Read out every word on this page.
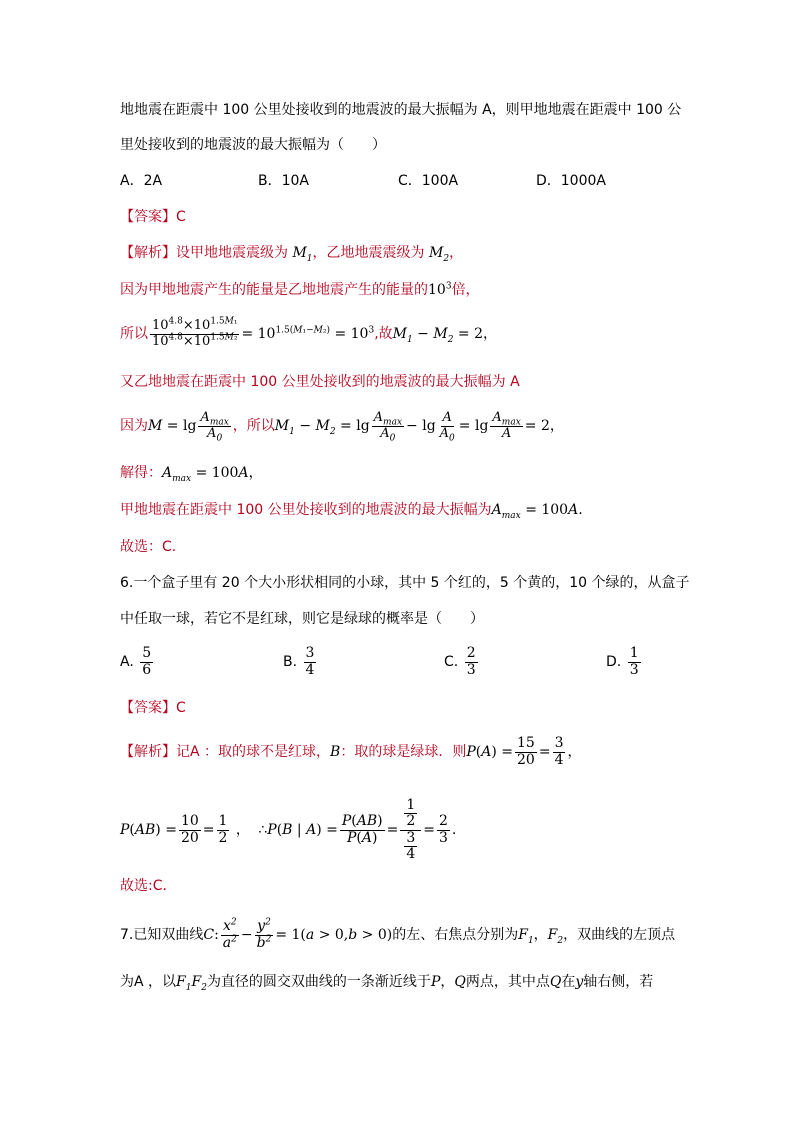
地地震在距震中 100 公里处接收到的地震波的最大振幅为 A，则甲地地震在距震中 100 公
里处接收到的地震波的最大振幅为（　　）
A．2A	B．10A	C．100A	D．1000A
【答案】C
【解析】设甲地地震震级为 $M_1$，乙地地震震级为 $M_2$，
因为甲地地震产生的能量是乙地地震产生的能量的$10^3$倍，
所以 $\frac{10^{4.8}\times 10^{1.5M_1}}{10^{4.8}\times 10^{1.5M_2}} = 10^{1.5(M_1-M_2)} = 10^3$,故$M_1 - M_2 = 2$，
又乙地地震在距震中 100 公里处接收到的地震波的最大振幅为 A
因为$M = \lg \frac{A_{max}}{A_0}$ ，所以$M_1 - M_2 = \lg \frac{A_{max}}{A_0} - \lg \frac{A}{A_0} = \lg \frac{A_{max}}{A} = 2$，
解得：$A_{max} = 100A$，
甲地地震在距震中 100 公里处接收到的地震波的最大振幅为$A_{max} = 100A$.
故选：C.
6.一个盒子里有 20 个大小形状相同的小球，其中 5 个红的，5 个黄的，10 个绿的，从盒子
中任取一球，若它不是红球，则它是绿球的概率是（　　）
A. $\frac{5}{6}$	B. $\frac{3}{4}$	C. $\frac{2}{3}$	D. $\frac{1}{3}$
【答案】C
【解析】记A ：取的球不是红球，B：取的球是绿球．则$P(A) = \frac{15}{20} = \frac{3}{4}$ ，
$P(AB) = \frac{10}{20} = \frac{1}{2}$ ， ∴P(B | $A) = \frac{P(AB)}{P(A)} = \frac{\frac{1}{2}}{\frac{3}{4}} = \frac{2}{3}$ .
故选:C．
7.已知双曲线C: $\frac{x^2}{a^2} - \frac{y^2}{b^2} = 1(a > 0,b > 0)$的左、右焦点分别为$F_1$，$F_2$，双曲线的左顶点
为A ，以$F_1F_2$为直径的圆交双曲线的一条渐近线于P，Q两点，其中点Q在y轴右侧，若
